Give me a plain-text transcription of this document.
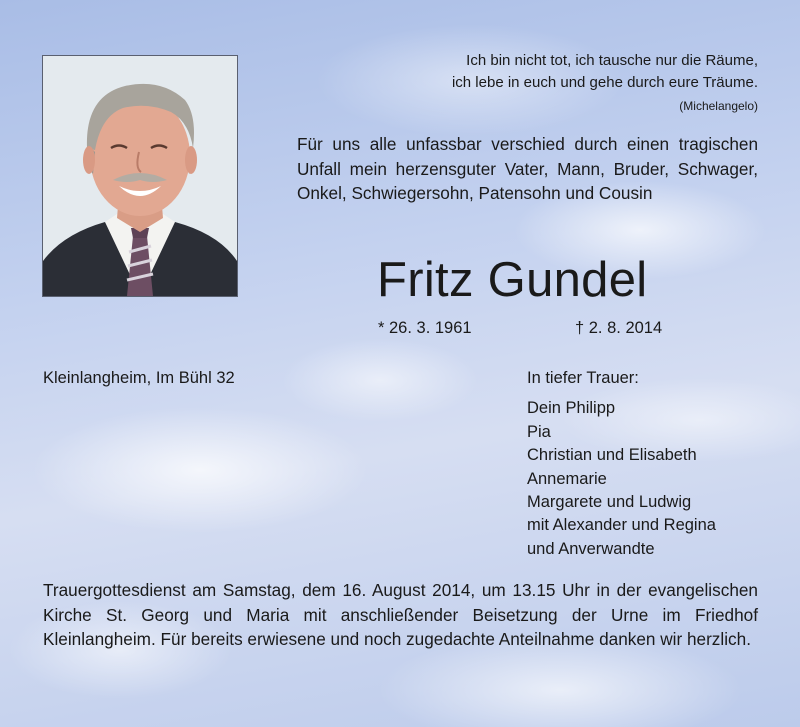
Ich bin nicht tot, ich tausche nur die Räume,
ich lebe in euch und gehe durch eure Träume.
(Michelangelo)
Für uns alle unfassbar verschied durch einen tragischen Unfall mein herzensguter Vater, Mann, Bruder, Schwager, Onkel, Schwiegersohn, Patensohn und Cousin
Fritz Gundel
* 26. 3. 1961	† 2. 8. 2014
Kleinlangheim, Im Bühl 32	In tiefer Trauer:
Dein Philipp
Pia
Christian und Elisabeth
Annemarie
Margarete und Ludwig
mit Alexander und Regina
und Anverwandte
Trauergottesdienst am Samstag, dem 16. August 2014, um 13.15 Uhr in der evangelischen Kirche St. Georg und Maria mit anschließender Beisetzung der Urne im Friedhof Kleinlangheim. Für bereits erwiesene und noch zugedachte Anteilnahme danken wir herzlich.
